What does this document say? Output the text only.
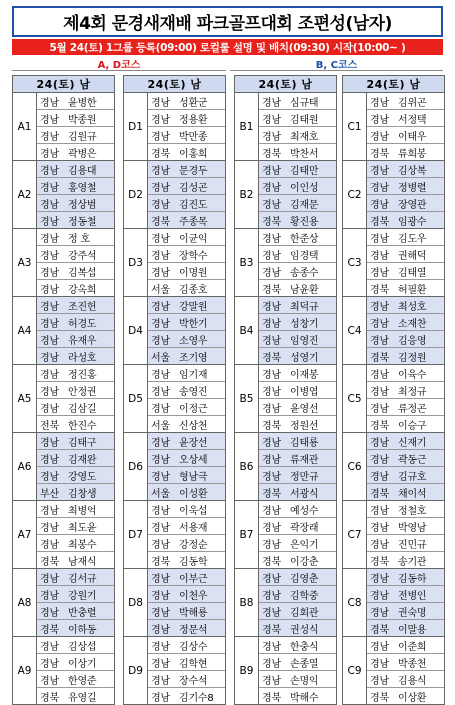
제4회 문경새재배 파크골프대회 조편성(남자)
5월 24(토) 1그룹 등록(09:00) 로컬룰 설명 및 배치(09:30) 시작(10:00~ )
A, D코스	B, C코스
24(토) 남
A1
경남 윤병한
경남 박종원
경남 김원규
경남 곽병은
A2
경남 김용대
경남 홍영철
경남 정상범
경남 정동철
A3
경남 정 호
경남 강주석
경남 김복섭
경남 강옥희
A4
경남 조진헌
경남 허경도
경남 유재우
경남 라성호
A5
경남 정진홍
경남 안정권
경남 김삼길
전북 한진수
A6
경남 김태구
경남 김재완
경남 강영도
부산 김창생
A7
경남 최병억
경남 최도윤
경남 최봉수
경북 남재식
A8
경남 김서규
경남 강원기
경남 반충렬
경북 이하동
A9
경남 김상섭
경남 이상기
경남 한영준
경북 유영길
24(토) 남
D1
경남 성환군
경남 정용환
경남 박만종
경북 이홍희
D2
경남 문경두
경남 김성곤
경남 김진도
경북 주종목
D3
경남 이균익
경남 장학수
경남 이명원
서울 김종호
D4
경남 강말원
경남 박한기
경남 소영우
서울 조기영
D5
경남 임기재
경남 송영진
경남 이정근
서울 신상천
D6
경남 윤장선
경남 오상세
경남 형남극
서울 이성환
D7
경남 이욱섭
경남 서용재
경남 강정순
경북 김동학
D8
경남 이부근
경남 이천우
경남 박해룡
경남 정문석
D9
경남 김상수
경남 김학현
경남 장수석
경남 김기수8
24(토) 남
B1
경남 심규태
경남 김태원
경남 최재호
경북 박찬서
B2
경남 김태만
경남 이인성
경남 김재문
경북 황진용
B3
경남 한준상
경남 임경택
경남 송종수
경북 남윤환
B4
경남 최덕규
경남 성창기
경남 임영진
경북 성영기
B5
경남 이재봉
경남 이병엽
경남 윤영선
경북 정원선
B6
경남 김태룡
경남 류재관
경남 정만규
경북 서광식
B7
경남 예성수
경남 곽장래
경남 은익기
경북 이강춘
B8
경남 김영춘
경남 김학중
경남 김회관
경북 권성식
B9
경남 한충식
경남 손종열
경남 손명익
경북 박해수
24(토) 남
C1
경남 김위곤
경남 서정택
경남 이태우
경북 류희봉
C2
경남 김상복
경남 정병렬
경남 장영관
경북 임광수
C3
경남 김도우
경남 권해덕
경남 김태열
경북 허필환
C4
경남 최성호
경남 소재찬
경남 김응영
경북 김정원
C5
경남 이육수
경남 최정규
경남 류정곤
경북 이승구
C6
경남 신재기
경남 곽동근
경남 김규호
경북 채이석
C7
경남 정철호
경남 박영남
경남 진민규
경북 송기관
C8
경남 김동하
경남 전병인
경남 권숙명
경북 이말용
C9
경남 이준희
경남 박종천
경남 김용식
경북 이상환
